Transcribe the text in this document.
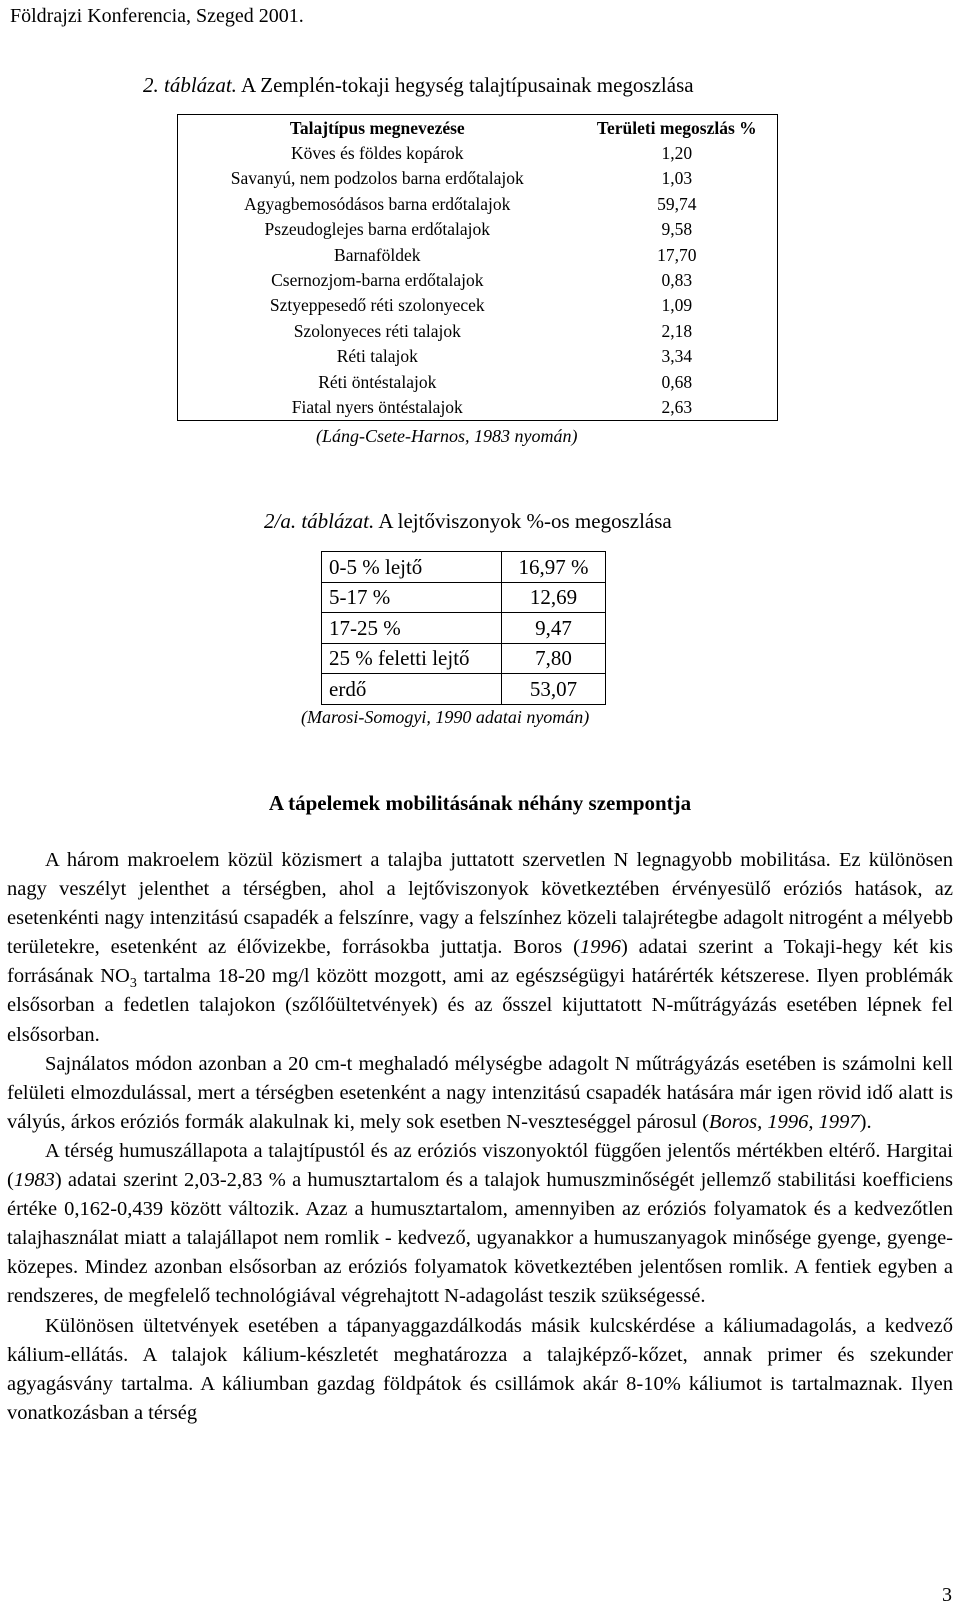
Földrajzi Konferencia, Szeged 2001.
2. táblázat. A Zemplén-tokaji hegység talajtípusainak megoszlása
Talajtípus megnevezése	Területi megoszlás %
Köves és földes kopárok	1,20
Savanyú, nem podzolos barna erdőtalajok	1,03
Agyagbemosódásos barna erdőtalajok	59,74
Pszeudoglejes barna erdőtalajok	9,58
Barnaföldek	17,70
Csernozjom-barna erdőtalajok	0,83
Sztyeppesedő réti szolonyecek	1,09
Szolonyeces réti talajok	2,18
Réti talajok	3,34
Réti öntéstalajok	0,68
Fiatal nyers öntéstalajok	2,63
(Láng-Csete-Harnos, 1983 nyomán)
2/a. táblázat. A lejtőviszonyok %-os megoszlása
0-5 % lejtő	16,97 %
5-17 %	12,69
17-25 %	9,47
25 % feletti lejtő	7,80
erdő	53,07
(Marosi-Somogyi, 1990 adatai nyomán)
A tápelemek mobilitásának néhány szempontja

A három makroelem közül közismert a talajba juttatott szervetlen N legnagyobb mobilitása. Ez különösen nagy veszélyt jelenthet a térségben, ahol a lejtőviszonyok következtében érvényesülő eróziós hatások, az esetenkénti nagy intenzitású csapadék a felszínre, vagy a felszínhez közeli talajrétegbe adagolt nitrogént a mélyebb területekre, esetenként az élővizekbe, forrásokba juttatja. Boros (1996) adatai szerint a Tokaji-hegy két kis forrásának $NO_3$ tartalma 18-20 mg/l között mozgott, ami az egészségügyi határérték kétszerese. Ilyen problémák elsősorban a fedetlen talajokon (szőlőültetvények) és az ősszel kijuttatott N-műtrágyázás esetében lépnek fel elsősorban.

Sajnálatos módon azonban a 20 cm-t meghaladó mélységbe adagolt N műtrágyázás esetében is számolni kell felületi elmozdulással, mert a térségben esetenként a nagy intenzitású csapadék hatására már igen rövid idő alatt is vályús, árkos eróziós formák alakulnak ki, mely sok esetben N-veszteséggel párosul (Boros, 1996, 1997).

A térség humuszállapota a talajtípustól és az eróziós viszonyoktól függően jelentős mértékben eltérő. Hargitai (1983) adatai szerint 2,03-2,83 % a humusztartalom és a talajok humuszminőségét jellemző stabilitási koefficiens értéke 0,162-0,439 között változik. Azaz a humusztartalom, amennyiben az eróziós folyamatok és a kedvezőtlen talajhasználat miatt a talajállapot nem romlik - kedvező, ugyanakkor a humuszanyagok minősége gyenge, gyenge-közepes. Mindez azonban elsősorban az eróziós folyamatok következtében jelentősen romlik. A fentiek egyben a rendszeres, de megfelelő technológiával végrehajtott N-adagolást teszik szükségessé.

Különösen ültetvények esetében a tápanyaggazdálkodás másik kulcskérdése a káliumadagolás, a kedvező kálium-ellátás. A talajok kálium-készletét meghatározza a talajképző-kőzet, annak primer és szekunder agyagásvány tartalma. A káliumban gazdag földpátok és csillámok akár 8-10% káliumot is tartalmaznak. Ilyen vonatkozásban a térség

3
